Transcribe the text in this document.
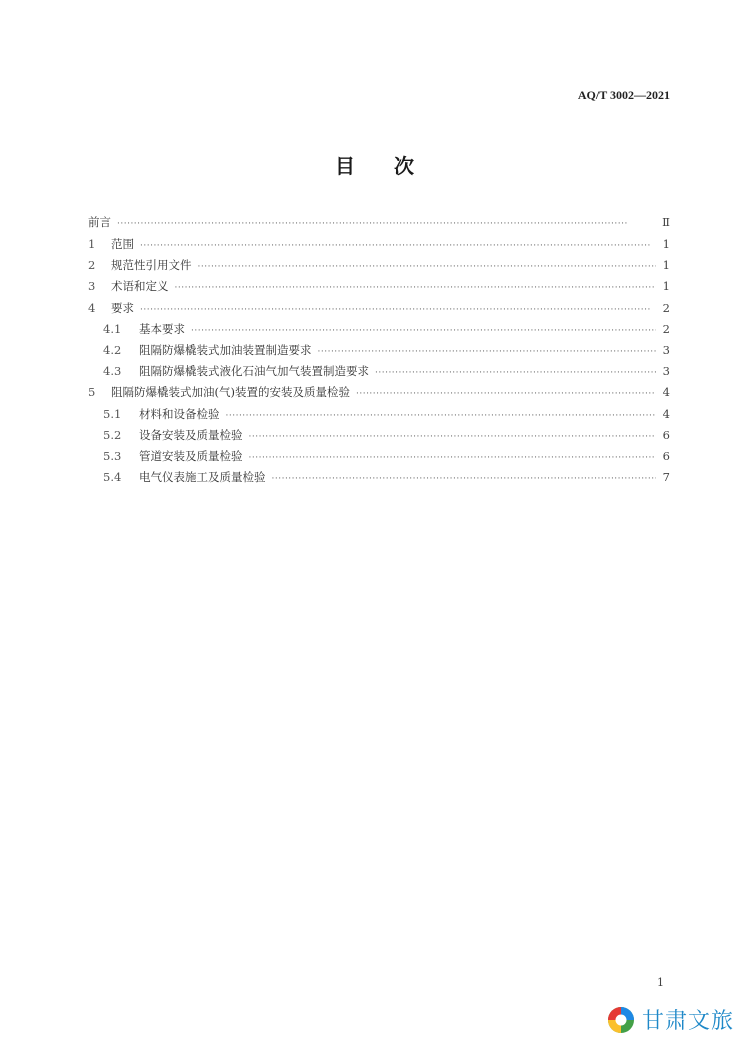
AQ/T 3002—2021
目 次
前言 ·····	Ⅱ
1	范围 ·····	1
2	规范性引用文件 ·····	1
3	术语和定义 ·····	1
4	要求 ·····	2
4.1	基本要求 ·····	2
4.2	阻隔防爆橇装式加油装置制造要求 ·····	3
4.3	阻隔防爆橇装式液化石油气加气装置制造要求 ·····	3
5	阻隔防爆橇装式加油(气)装置的安装及质量检验 ·····	4
5.1	材料和设备检验 ·····	4
5.2	设备安装及质量检验 ·····	6
5.3	管道安装及质量检验 ·····	6
5.4	电气仪表施工及质量检验 ·····	7
1
甘肃文旅
